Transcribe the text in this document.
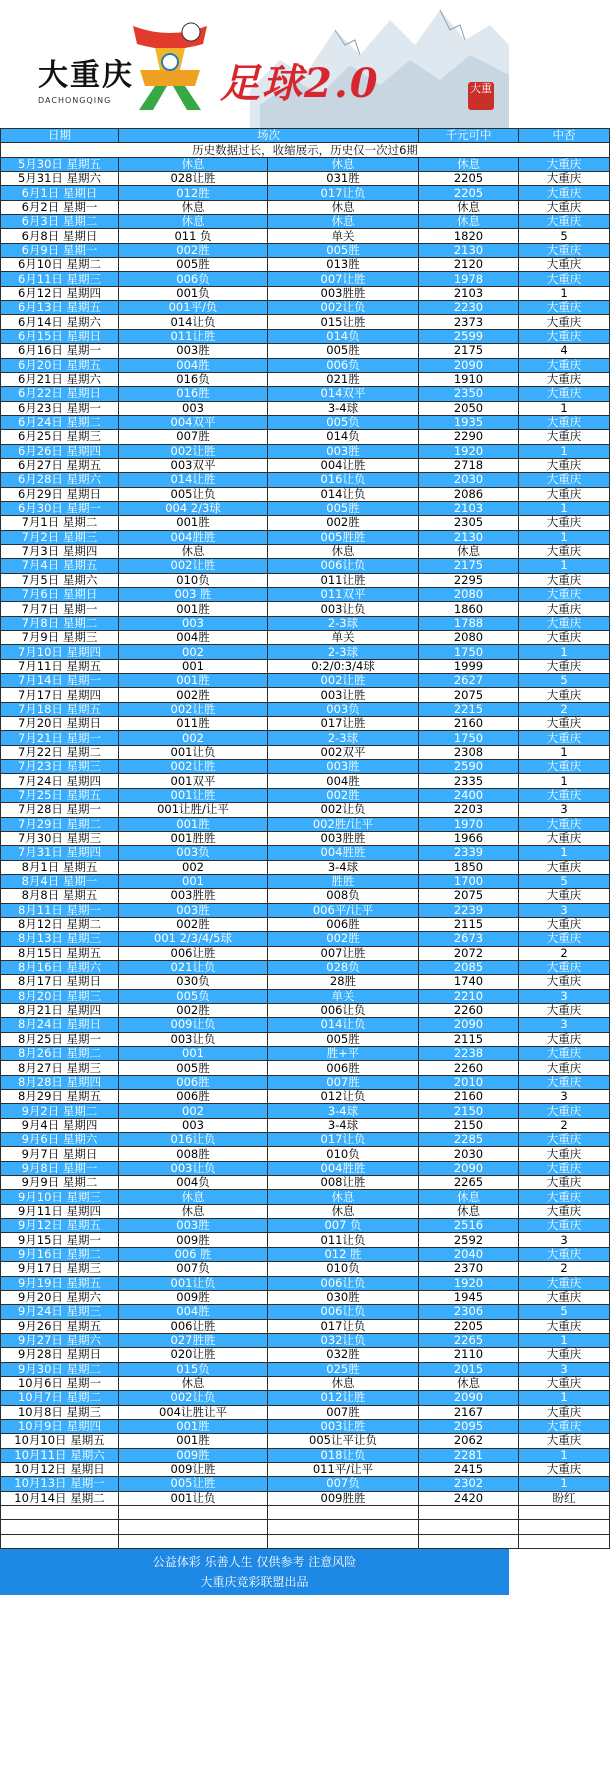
大重庆
DACHONGQING	足球2.0	大重
日期	场次		千元可中	中否
历史数据过长，收缩展示，历史仅一次过6期				
5月30日 星期五	休息	休息	休息	大重庆
5月31日 星期六	028让胜	031胜	2205	大重庆
6月1日 星期日	012胜	017让负	2205	大重庆
6月2日 星期一	休息	休息	休息	大重庆
6月3日 星期二	休息	休息	休息	大重庆
6月8日 星期日	011 负	单关	1820	5
6月9日 星期一	002胜	005胜	2130	大重庆
6月10日 星期二	005胜	013胜	2120	大重庆
6月11日 星期三	006负	007让胜	1978	大重庆
6月12日 星期四	001负	003胜胜	2103	1
6月13日 星期五	001平/负	002让负	2230	大重庆
6月14日 星期六	014让负	015让胜	2373	大重庆
6月15日 星期日	011让胜	014负	2599	大重庆
6月16日 星期一	003胜	005胜	2175	4
6月20日 星期五	004胜	006负	2090	大重庆
6月21日 星期六	016负	021胜	1910	大重庆
6月22日 星期日	016胜	014双平	2350	大重庆
6月23日 星期一	003	3-4球	2050	1
6月24日 星期二	004双平	005负	1935	大重庆
6月25日 星期三	007胜	014负	2290	大重庆
6月26日 星期四	002让胜	003胜	1920	1
6月27日 星期五	003双平	004让胜	2718	大重庆
6月28日 星期六	014让胜	016让负	2030	大重庆
6月29日 星期日	005让负	014让负	2086	大重庆
6月30日 星期一	004 2/3球	005胜	2103	1
7月1日 星期二	001胜	002胜	2305	大重庆
7月2日 星期三	004胜胜	005胜胜	2130	1
7月3日 星期四	休息	休息	休息	大重庆
7月4日 星期五	002让胜	006让负	2175	1
7月5日 星期六	010负	011让胜	2295	大重庆
7月6日 星期日	003 胜	011双平	2080	大重庆
7月7日 星期一	001胜	003让负	1860	大重庆
7月8日 星期二	003	2-3球	1788	大重庆
7月9日 星期三	004胜	单关	2080	大重庆
7月10日 星期四	002	2-3球	1750	1
7月11日 星期五	001	0:2/0:3/4球	1999	大重庆
7月14日 星期一	001胜	002让胜	2627	5
7月17日 星期四	002胜	003让胜	2075	大重庆
7月18日 星期五	002让胜	003负	2215	2
7月20日 星期日	011胜	017让胜	2160	大重庆
7月21日 星期一	002	2-3球	1750	大重庆
7月22日 星期二	001让负	002双平	2308	1
7月23日 星期三	002让胜	003胜	2590	大重庆
7月24日 星期四	001双平	004胜	2335	1
7月25日 星期五	001让胜	002胜	2400	大重庆
7月28日 星期一	001让胜/让平	002让负	2203	3
7月29日 星期二	001胜	002胜/让平	1970	大重庆
7月30日 星期三	001胜胜	003胜胜	1966	大重庆
7月31日 星期四	003负	004胜胜	2339	1
8月1日 星期五	002	3-4球	1850	大重庆
8月4日 星期一	001	胜胜	1700	5
8月8日 星期五	003胜胜	008负	2075	大重庆
8月11日 星期一	003胜	006平/让平	2239	3
8月12日 星期二	002胜	006胜	2115	大重庆
8月13日 星期三	001 2/3/4/5球	002胜	2673	大重庆
8月15日 星期五	006让胜	007让胜	2072	2
8月16日 星期六	021让负	028负	2085	大重庆
8月17日 星期日	030负	28胜	1740	大重庆
8月20日 星期三	005负	单关	2210	3
8月21日 星期四	002胜	006让负	2260	大重庆
8月24日 星期日	009让负	014让负	2090	3
8月25日 星期一	003让负	005胜	2115	大重庆
8月26日 星期二	001	胜+平	2238	大重庆
8月27日 星期三	005胜	006胜	2260	大重庆
8月28日 星期四	006胜	007胜	2010	大重庆
8月29日 星期五	006胜	012让负	2160	3
9月2日 星期二	002	3-4球	2150	大重庆
9月4日 星期四	003	3-4球	2150	2
9月6日 星期六	016让负	017让负	2285	大重庆
9月7日 星期日	008胜	010负	2030	大重庆
9月8日 星期一	003让负	004胜胜	2090	大重庆
9月9日 星期二	004负	008让胜	2265	大重庆
9月10日 星期三	休息	休息	休息	大重庆
9月11日 星期四	休息	休息	休息	大重庆
9月12日 星期五	003胜	007 负	2516	大重庆
9月15日 星期一	009胜	011让负	2592	3
9月16日 星期二	006 胜	012 胜	2040	大重庆
9月17日 星期三	007负	010负	2370	2
9月19日 星期五	001让负	006让负	1920	大重庆
9月20日 星期六	009胜	030胜	1945	大重庆
9月24日 星期三	004胜	006让负	2306	5
9月26日 星期五	006让胜	017让负	2205	大重庆
9月27日 星期六	027胜胜	032让负	2265	1
9月28日 星期日	020让胜	032胜	2110	大重庆
9月30日 星期二	015负	025胜	2015	3
10月6日 星期一	休息	休息	休息	大重庆
10月7日 星期二	002让负	012让胜	2090	1
10月8日 星期三	004让胜让平	007胜	2167	大重庆
10月9日 星期四	001胜	003让胜	2095	大重庆
10月10日 星期五	001胜	005让平让负	2062	大重庆
10月11日 星期六	009胜	018让负	2281	1
10月12日 星期日	009让胜	011平/让平	2415	大重庆
10月13日 星期一	005让胜	007负	2302	1
10月14日 星期二	001让负	009胜胜	2420	盼红

公益体彩 乐善人生 仅供参考 注意风险
大重庆竞彩联盟出品
